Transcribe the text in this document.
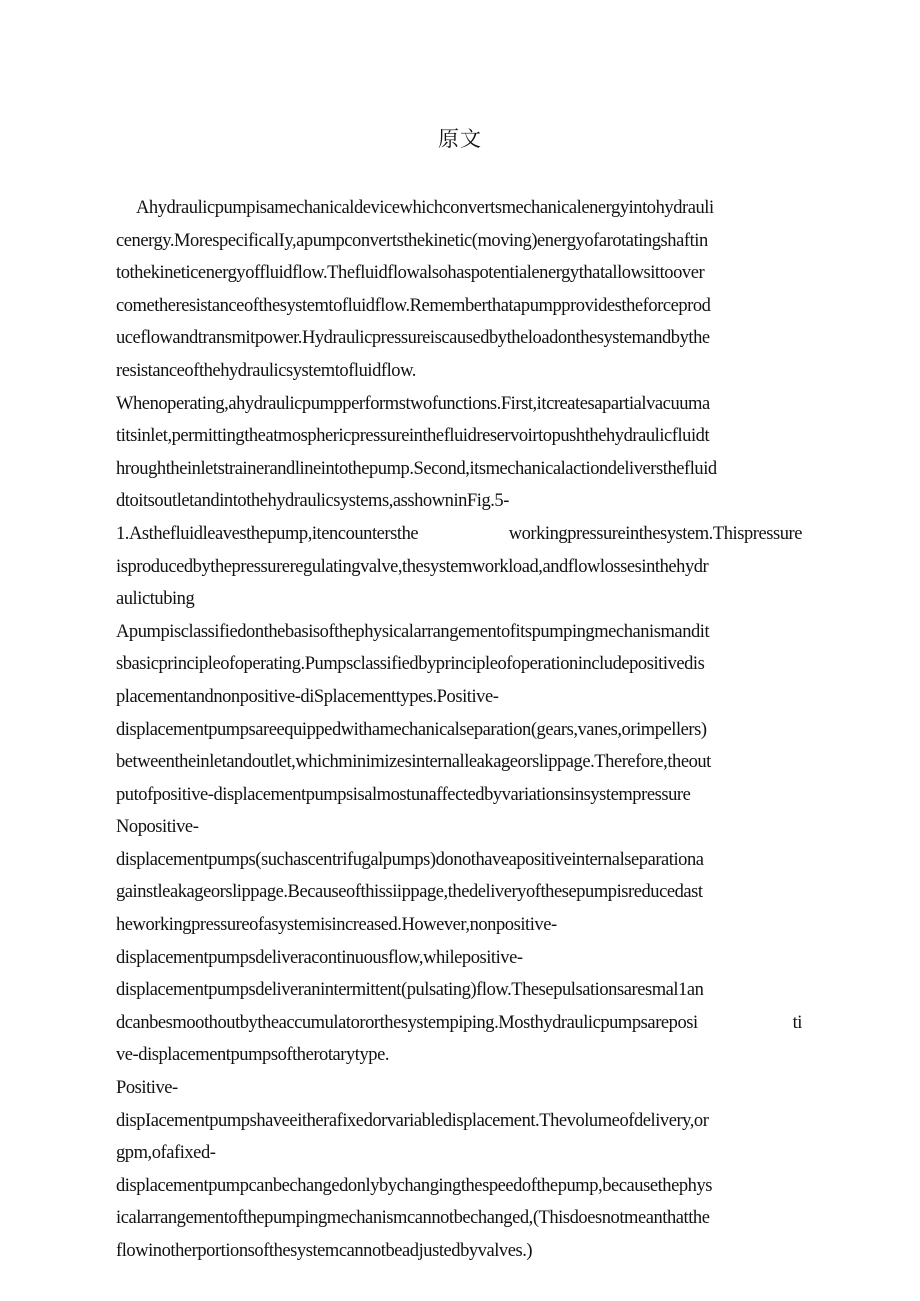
原文
Ahydraulicpumpisamechanicaldevicewhichconvertsmechanicalenergyintohydrauli
cenergy.MorespecificalIy,apumpconvertsthekinetic(moving)energyofarotatingshaftin
tothekineticenergyoffluidflow.Thefluidflowalsohaspotentialenergythatallowsittoover
cometheresistanceofthesystemtofluidflow.Rememberthatapumpprovidestheforceprod
uceflowandtransmitpower.Hydraulicpressureiscausedbytheloadonthesystemandbythe
resistanceofthehydraulicsystemtofluidflow.
Whenoperating,ahydraulicpumpperformstwofunctions.First,itcreatesapartialvacuuma
titsinlet,permittingtheatmosphericpressureinthefluidreservoirtopushthehydraulicfluidt
hroughtheinletstrainerandlineintothepump.Second,itsmechanicalactiondeliversthefluid
dtoitsoutletandintothehydraulicsystems,asshowninFig.5-
1.Asthefluidleavesthepump,itencountersthe workingpressureinthesystem.Thispressure
isproducedbythepressureregulatingvalve,thesystemworkload,andflowlossesinthehydr
aulictubing
Apumpisclassifiedonthebasisofthephysicalarrangementofitspumpingmechanismandit
sbasicprincipleofoperating.Pumpsclassifiedbyprincipleofoperationincludepositivedis
placementandnonpositive-diSplacementtypes.Positive-
displacementpumpsareequippedwithamechanicalseparation(gears,vanes,orimpellers)
betweentheinletandoutlet,whichminimizesinternalleakageorslippage.Therefore,theout
putofpositive-displacementpumpsisalmostunaffectedbyvariationsinsystempressure
Nopositive-
displacementpumps(suchascentrifugalpumps)donothaveapositiveinternalseparationa
gainstleakageorslippage.Becauseofthissiippage,thedeliveryofthesepumpisreducedast
heworkingpressureofasystemisincreased.However,nonpositive-
displacementpumpsdeliveracontinuousflow,whilepositive-
displacementpumpsdeliveranintermittent(pulsating)flow.Thesepulsationsaresmal1an
dcanbesmoothoutbytheaccumulatororthesystempiping.Mosthydraulicpumpsareposi ti
ve-displacementpumpsoftherotarytype.
Positive-
dispIacementpumpshaveeitherafixedorvariabledisplacement.Thevolumeofdelivery,or
gpm,ofafixed-
displacementpumpcanbechangedonlybychangingthespeedofthepump,becausethephys
icalarrangementofthepumpingmechanismcannotbechanged,(Thisdoesnotmeanthatthe
flowinotherportionsofthesystemcannotbeadjustedbyvalves.)
